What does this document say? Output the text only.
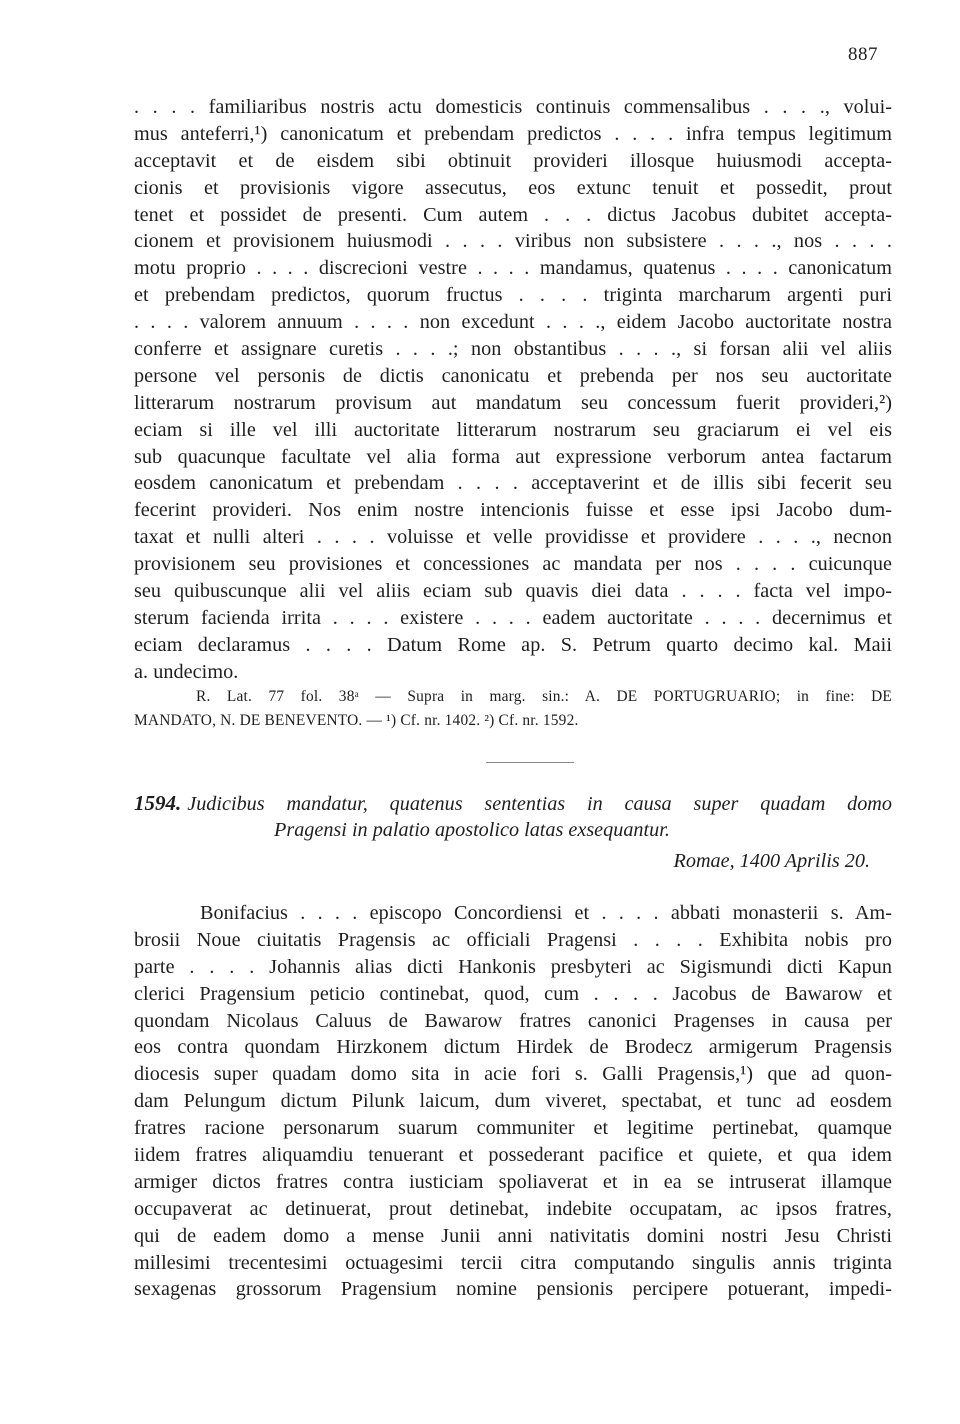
887
. . . . familiaribus nostris actu domesticis continuis commensalibus . . . ., volui-
mus anteferri,¹) canonicatum et prebendam predictos . . . . infra tempus legitimum
acceptavit et de eisdem sibi obtinuit provideri illosque huiusmodi accepta-
cionis et provisionis vigore assecutus, eos extunc tenuit et possedit, prout
tenet et possidet de presenti. Cum autem . . . dictus Jacobus dubitet accepta-
cionem et provisionem huiusmodi . . . . viribus non subsistere . . . ., nos . . . .
motu proprio . . . . discrecioni vestre . . . . mandamus, quatenus . . . . canonicatum
et prebendam predictos, quorum fructus . . . . triginta marcharum argenti puri
. . . . valorem annuum . . . . non excedunt . . . ., eidem Jacobo auctoritate nostra
conferre et assignare curetis . . . .; non obstantibus . . . ., si forsan alii vel aliis
persone vel personis de dictis canonicatu et prebenda per nos seu auctoritate
litterarum nostrarum provisum aut mandatum seu concessum fuerit provideri,²)
eciam si ille vel illi auctoritate litterarum nostrarum seu graciarum ei vel eis
sub quacunque facultate vel alia forma aut expressione verborum antea factarum
eosdem canonicatum et prebendam . . . . acceptaverint et de illis sibi fecerit seu
fecerint provideri. Nos enim nostre intencionis fuisse et esse ipsi Jacobo dum-
taxat et nulli alteri . . . . voluisse et velle providisse et providere . . . ., necnon
provisionem seu provisiones et concessiones ac mandata per nos . . . . cuicunque
seu quibuscunque alii vel aliis eciam sub quavis diei data . . . . facta vel impo-
sterum facienda irrita . . . . existere . . . . eadem auctoritate . . . . decernimus et
eciam declaramus . . . . Datum Rome ap. S. Petrum quarto decimo kal. Maii
a. undecimo.
R. Lat. 77 fol. 38ᵃ — Supra in marg. sin.: A. DE PORTUGRUARIO; in fine: DE
MANDATO, N. DE BENEVENTO. — ¹) Cf. nr. 1402. ²) Cf. nr. 1592.
1594. Judicibus mandatur, quatenus sententias in causa super quadam domo
Pragensi in palatio apostolico latas exsequantur.
Romae, 1400 Aprilis 20.
Bonifacius . . . . episcopo Concordiensi et . . . . abbati monasterii s. Am-
brosii Noue ciuitatis Pragensis ac officiali Pragensi . . . . Exhibita nobis pro
parte . . . . Johannis alias dicti Hankonis presbyteri ac Sigismundi dicti Kapun
clerici Pragensium peticio continebat, quod, cum . . . . Jacobus de Bawarow et
quondam Nicolaus Caluus de Bawarow fratres canonici Pragenses in causa per
eos contra quondam Hirzkonem dictum Hirdek de Brodecz armigerum Pragensis
diocesis super quadam domo sita in acie fori s. Galli Pragensis,¹) que ad quon-
dam Pelungum dictum Pilunk laicum, dum viveret, spectabat, et tunc ad eosdem
fratres racione personarum suarum communiter et legitime pertinebat, quamque
iidem fratres aliquamdiu tenuerant et possederant pacifice et quiete, et qua idem
armiger dictos fratres contra iusticiam spoliaverat et in ea se intruserat illamque
occupaverat ac detinuerat, prout detinebat, indebite occupatam, ac ipsos fratres,
qui de eadem domo a mense Junii anni nativitatis domini nostri Jesu Christi
millesimi trecentesimi octuagesimi tercii citra computando singulis annis triginta
sexagenas grossorum Pragensium nomine pensionis percipere potuerant, impedi-
